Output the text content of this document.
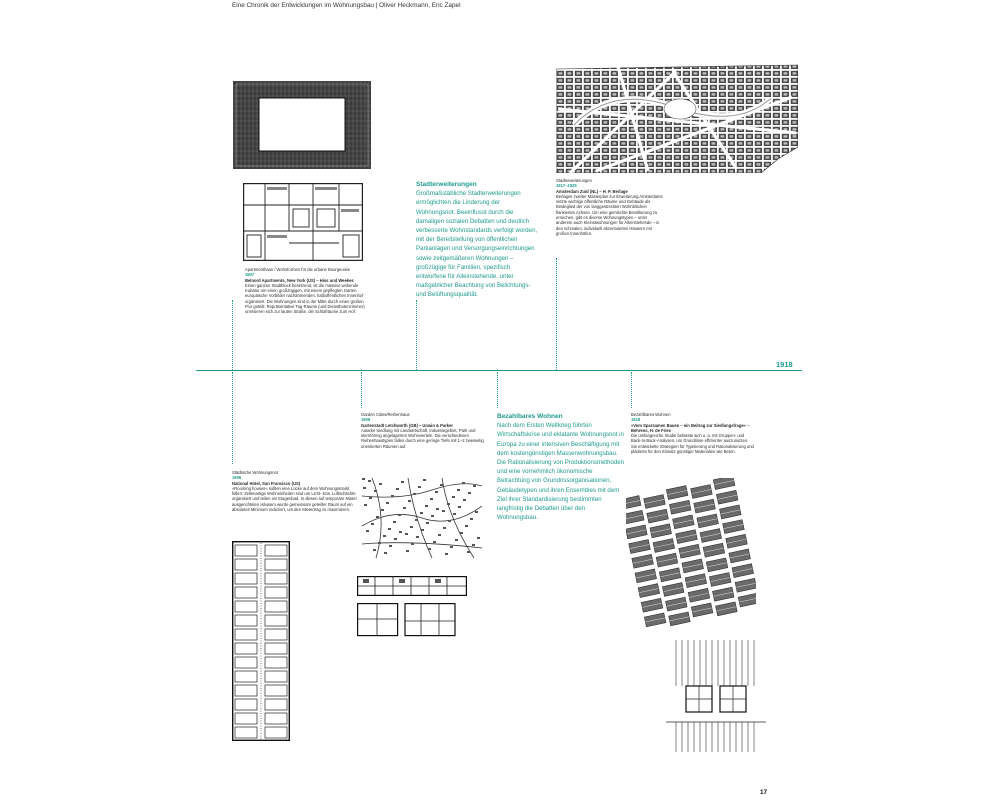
Eine Chronik der Entwicklungen im Wohnungsbau | Oliver Heckmann, Eric Zapel
Apartmenthaus / Wohnformen für die urbane Bourgeoisie
1907
Belnord Apartments, New York (US) – Hiss und Weekes
Einen ganzen Stadtblock besetzend, ist die massive wirkende Kubatur um einen großzügigen, mit einem gepflegten Garten europäische Vorbilder nachahmenden, halboffentlichen Innenhof organisiert. Die Wohnungen sind in der Mitte durch einen großen Flur geteilt: Repräsentative Tag-Räume (und Dienstbotenzimmer) orientieren sich zur lauten Straße, die Schlafräume zum Hof.
Stadterweiterungen
Großmaßstäbliche Stadterweiterungen ermöglichten die Linderung der Wohnungsnot. Beeinflusst durch die damaligen sozialen Debatten und deutlich verbesserte Wohnstandards verfolgt worden, mit der Bereitstellung von öffentlichen Parkanlagen und Versorgungseinrichtungen sowie zeitgemäßeren Wohnungen – großzügige für Familien, spezifisch entworfene für Alleinstehende, unter maßgeblicher Beachtung von Belichtungs- und Belüftungsqualität.
Stadterweiterungen
1917–1925
Amsterdam Zuid (NL) – H. P. Berlage
Berlages zweiter Masterplan zur Erweiterung Amsterdams setzte wichtige öffentliche Räume und Gebäude als Bindeglied der von langgestreckten Wohnblöcken flankierten Achsen. Um eine gemischte Bevölkerung zu erreichen, gibt es diverse Wohnungstypen – unter anderem auch Kleinstwohnungen für Alleinstehende – in den schmalen, individuell akzentuierten Häusern mit großen Innenhöfen.
1918
Städtische Wohnungsnot
1906
National Hotel, San Francisco (US)
»Rooming houses« sollten eine Lücke auf dem Wohnungsmarkt füllen: Zellenartige Wohneinheiten sind um Licht- bzw. Luftschächte organisiert und teilen ein Etagenbad. In diesen auf temporäre Mieter ausgerichteten Häusern wurde gemeinsam geteilter Raum auf ein absolutes Minimum reduziert, um den Mietertrag zu maximieren.
Garden Cities/Reihenhaus
1909
Gartenstadt Letchworth (GB) – Unwin & Parker
Autarke Siedlung mit Landwirtschaft, Industriegebiet, Park und sternförmig angelagerten Wohnvierteln. Die verschiedenen Reihenhaustypen fallen durch eine geringe Tiefe mit 1–2 zweiseitig orientierten Räumen auf.
Bezahlbares Wohnen
Nach dem Ersten Weltkrieg führten Wirtschaftskrise und eklatante Wohnungsnot in Europa zu einer intensiven Beschäftigung mit dem kostengünstigen Massenwohnungsbau. Die Rationalisierung von Produktionsmethoden und eine vornehmlich ökonomische Betrachtung von Grundrissorganisationen, Gebäudetypen und ihren Ensembles mit dem Ziel ihrer Standardisierung bestimmten langfristig die Debatten über den Wohnungsbau.
Bezahlbares Wohnen
1918
»Vom Sparsamen Bauen – ein Beitrag zur Siedlungsfrage« – Behrens, H. de Fries
Die umfangreiche Studie befasste sich u. a. mit Gruppen- und Back-to-Back-Analysen, um Grundrisse effizienter auszunutzen. Sie entwickelte Strategien für Typisierung und Rationalisierung und plädierte für den Einsatz günstiger Materialien wie Beton.
17
